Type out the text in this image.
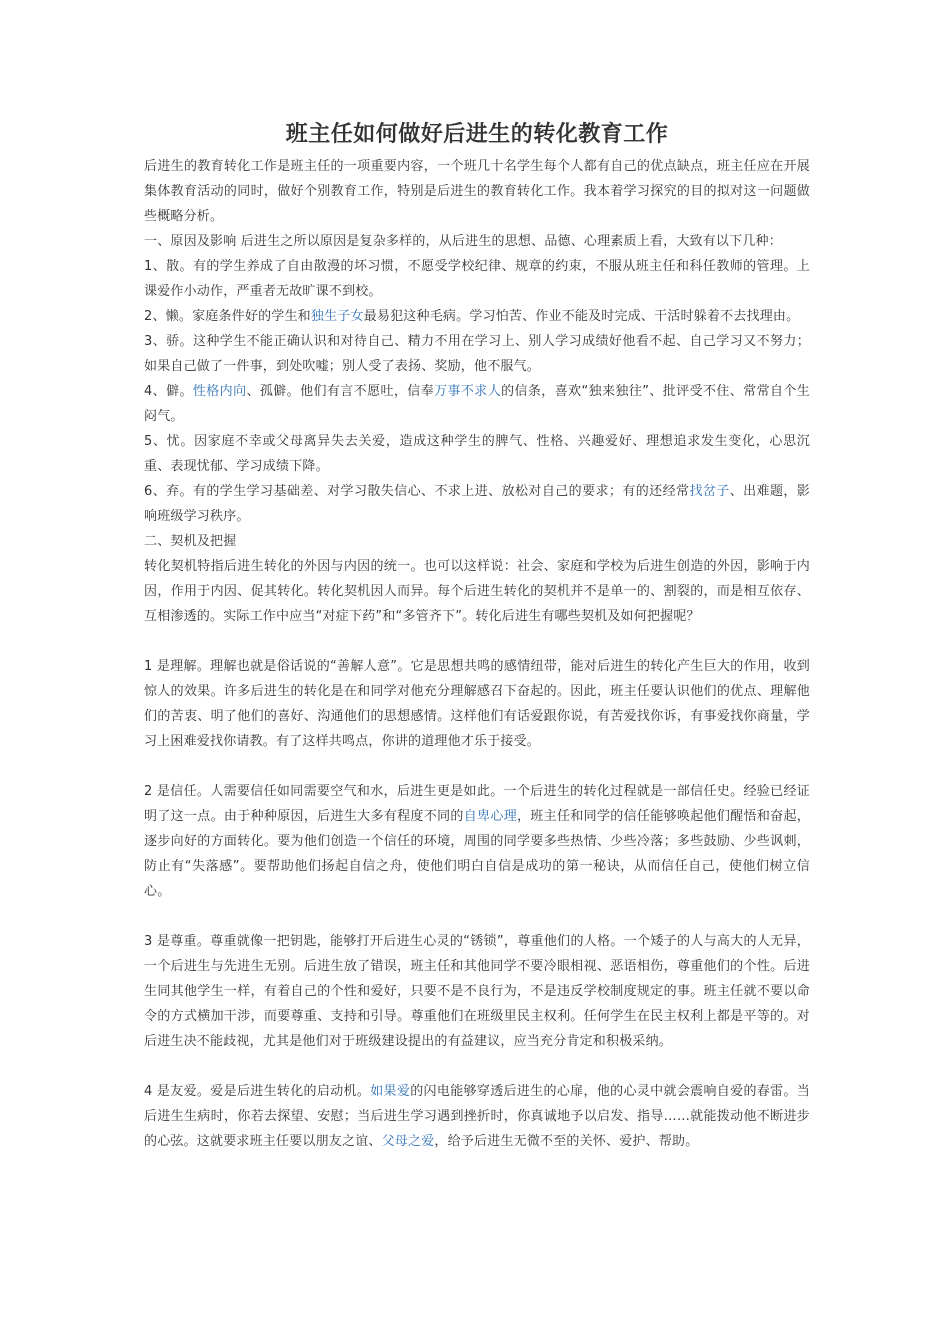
班主任如何做好后进生的转化教育工作

后进生的教育转化工作是班主任的一项重要内容，一个班几十名学生每个人都有自己的优点缺点，班主任应在开展集体教育活动的同时，做好个别教育工作，特别是后进生的教育转化工作。我本着学习探究的目的拟对这一问题做些概略分析。

一、原因及影响 后进生之所以原因是复杂多样的，从后进生的思想、品德、心理素质上看，大致有以下几种：

1、散。有的学生养成了自由散漫的坏习惯，不愿受学校纪律、规章的约束，不服从班主任和科任教师的管理。上课爱作小动作，严重者无故旷课不到校。

2、懒。家庭条件好的学生和独生子女最易犯这种毛病。学习怕苦、作业不能及时完成、干活时躲着不去找理由。

3、骄。这种学生不能正确认识和对待自己、精力不用在学习上、别人学习成绩好他看不起、自己学习又不努力；如果自己做了一件事，到处吹嘘；别人受了表扬、奖励，他不服气。

4、僻。性格内向、孤僻。他们有言不愿吐，信奉万事不求人的信条，喜欢“独来独往”、批评受不住、常常自个生闷气。

5、忧。因家庭不幸或父母离异失去关爱，造成这种学生的脾气、性格、兴趣爱好、理想追求发生变化，心思沉重、表现忧郁、学习成绩下降。

6、弃。有的学生学习基础差、对学习散失信心、不求上进、放松对自己的要求；有的还经常找岔子、出难题，影响班级学习秩序。

二、契机及把握

转化契机特指后进生转化的外因与内因的统一。也可以这样说：社会、家庭和学校为后进生创造的外因，影响于内因，作用于内因、促其转化。转化契机因人而异。每个后进生转化的契机并不是单一的、割裂的，而是相互依存、互相渗透的。实际工作中应当“对症下药”和“多管齐下”。转化后进生有哪些契机及如何把握呢？

1 是理解。理解也就是俗话说的“善解人意”。它是思想共鸣的感情纽带，能对后进生的转化产生巨大的作用，收到惊人的效果。许多后进生的转化是在和同学对他充分理解感召下奋起的。因此，班主任要认识他们的优点、理解他们的苦衷、明了他们的喜好、沟通他们的思想感情。这样他们有话爱跟你说，有苦爱找你诉，有事爱找你商量，学习上困难爱找你请教。有了这样共鸣点，你讲的道理他才乐于接受。

2 是信任。人需要信任如同需要空气和水，后进生更是如此。一个后进生的转化过程就是一部信任史。经验已经证明了这一点。由于种种原因，后进生大多有程度不同的自卑心理，班主任和同学的信任能够唤起他们醒悟和奋起，逐步向好的方面转化。要为他们创造一个信任的环境，周围的同学要多些热情、少些冷落；多些鼓励、少些讽刺，防止有“失落感”。要帮助他们扬起自信之舟，使他们明白自信是成功的第一秘诀，从而信任自己，使他们树立信心。

3 是尊重。尊重就像一把钥匙，能够打开后进生心灵的“锈锁”，尊重他们的人格。一个矮子的人与高大的人无异，一个后进生与先进生无别。后进生放了错误，班主任和其他同学不要冷眼相视、恶语相伤，尊重他们的个性。后进生同其他学生一样，有着自己的个性和爱好，只要不是不良行为，不是违反学校制度规定的事。班主任就不要以命令的方式横加干涉，而要尊重、支持和引导。尊重他们在班级里民主权利。任何学生在民主权利上都是平等的。对后进生决不能歧视，尤其是他们对于班级建设提出的有益建议，应当充分肯定和积极采纳。

4 是友爱。爱是后进生转化的启动机。如果爱的闪电能够穿透后进生的心扉，他的心灵中就会震响自爱的春雷。当后进生生病时，你若去探望、安慰；当后进生学习遇到挫折时，你真诚地予以启发、指导……就能拨动他不断进步的心弦。这就要求班主任要以朋友之谊、父母之爱，给予后进生无微不至的关怀、爱护、帮助。
